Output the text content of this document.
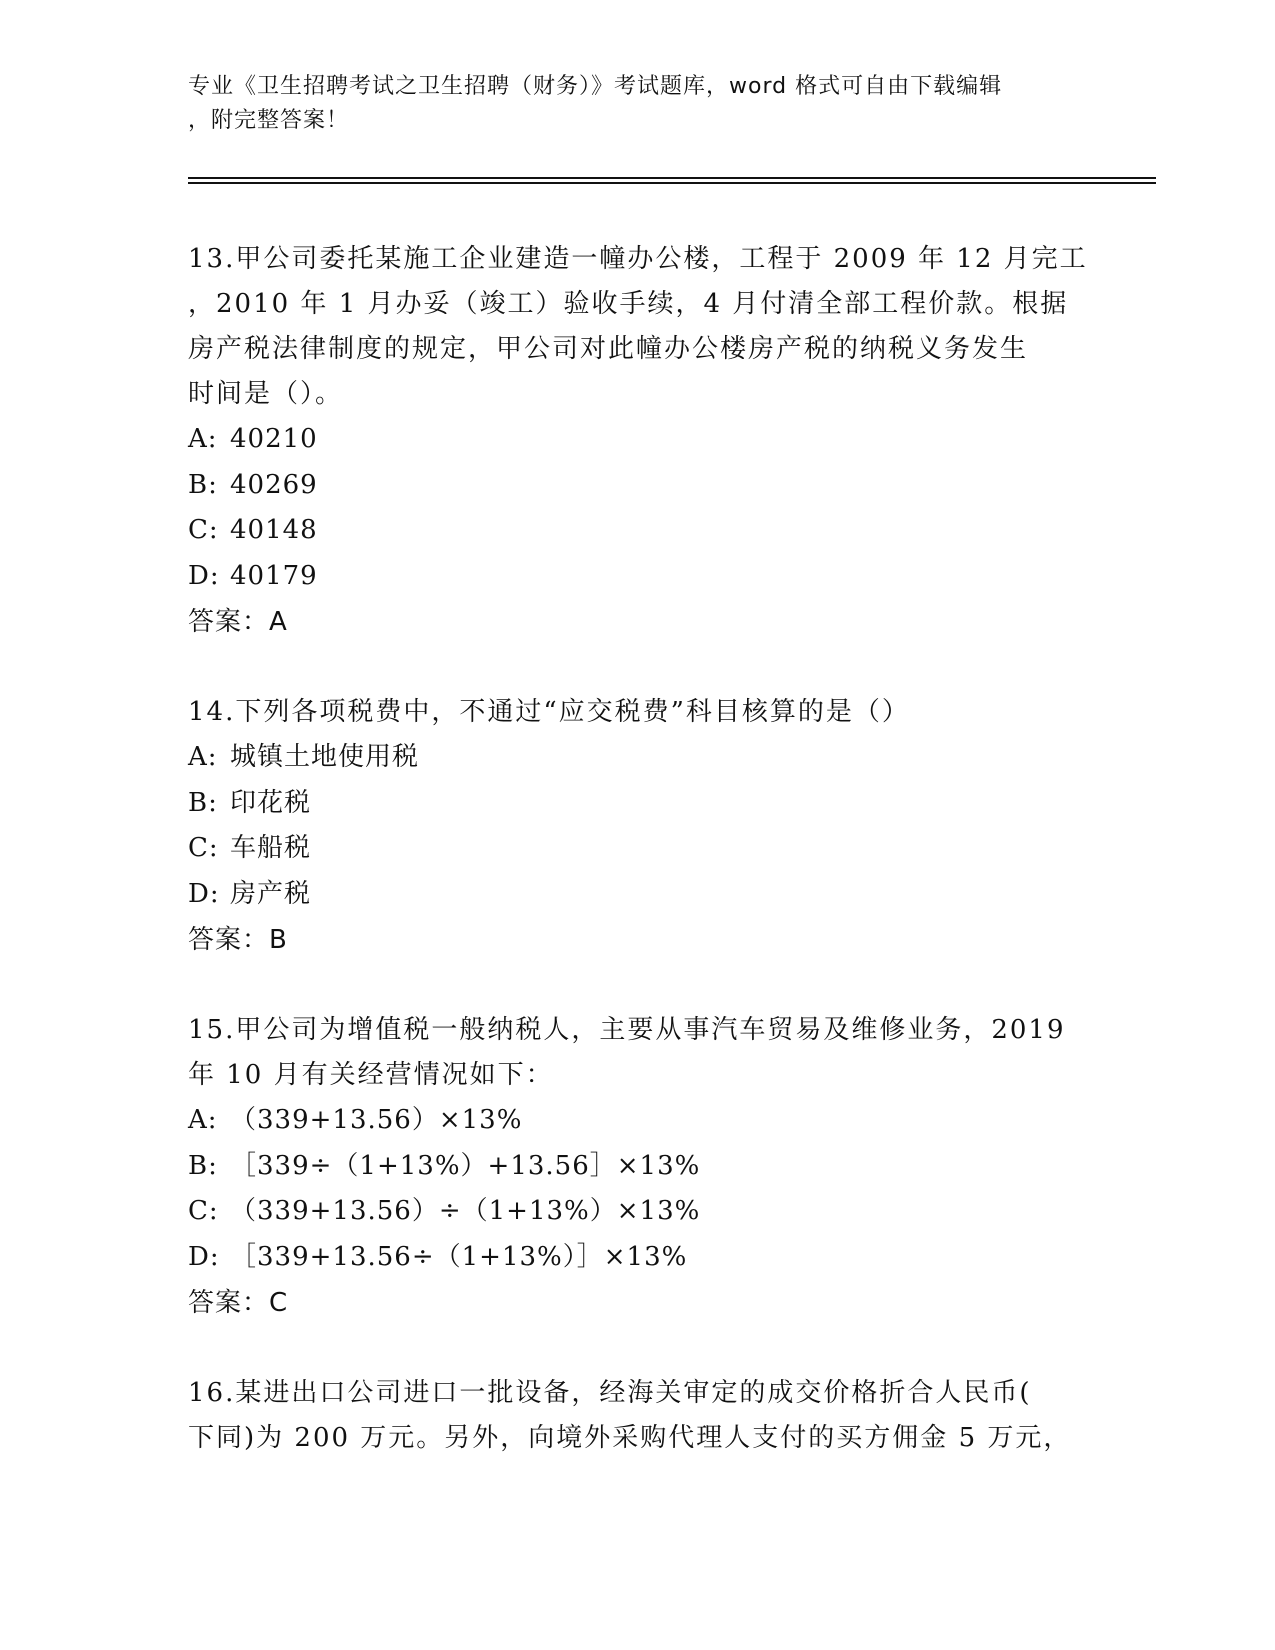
专业《卫生招聘考试之卫生招聘（财务）》考试题库，word 格式可自由下载编辑
，附完整答案！
13.甲公司委托某施工企业建造一幢办公楼，工程于 2009 年 12 月完工
，2010 年 1 月办妥（竣工）验收手续，4 月付清全部工程价款。根据
房产税法律制度的规定，甲公司对此幢办公楼房产税的纳税义务发生
时间是（）。
A: 40210
B: 40269
C: 40148
D: 40179
答案：A
14.下列各项税费中，不通过“应交税费”科目核算的是（）
A: 城镇土地使用税
B: 印花税
C: 车船税
D: 房产税
答案：B
15.甲公司为增值税一般纳税人，主要从事汽车贸易及维修业务，2019
年 10 月有关经营情况如下：
A: （339+13.56）×13%
B: ［339÷（1+13%）+13.56］×13%
C: （339+13.56）÷（1+13%）×13%
D: ［339+13.56÷（1+13%）］×13%
答案：C
16.某进出口公司进口一批设备，经海关审定的成交价格折合人民币(
下同)为 200 万元。另外，向境外采购代理人支付的买方佣金 5 万元，
